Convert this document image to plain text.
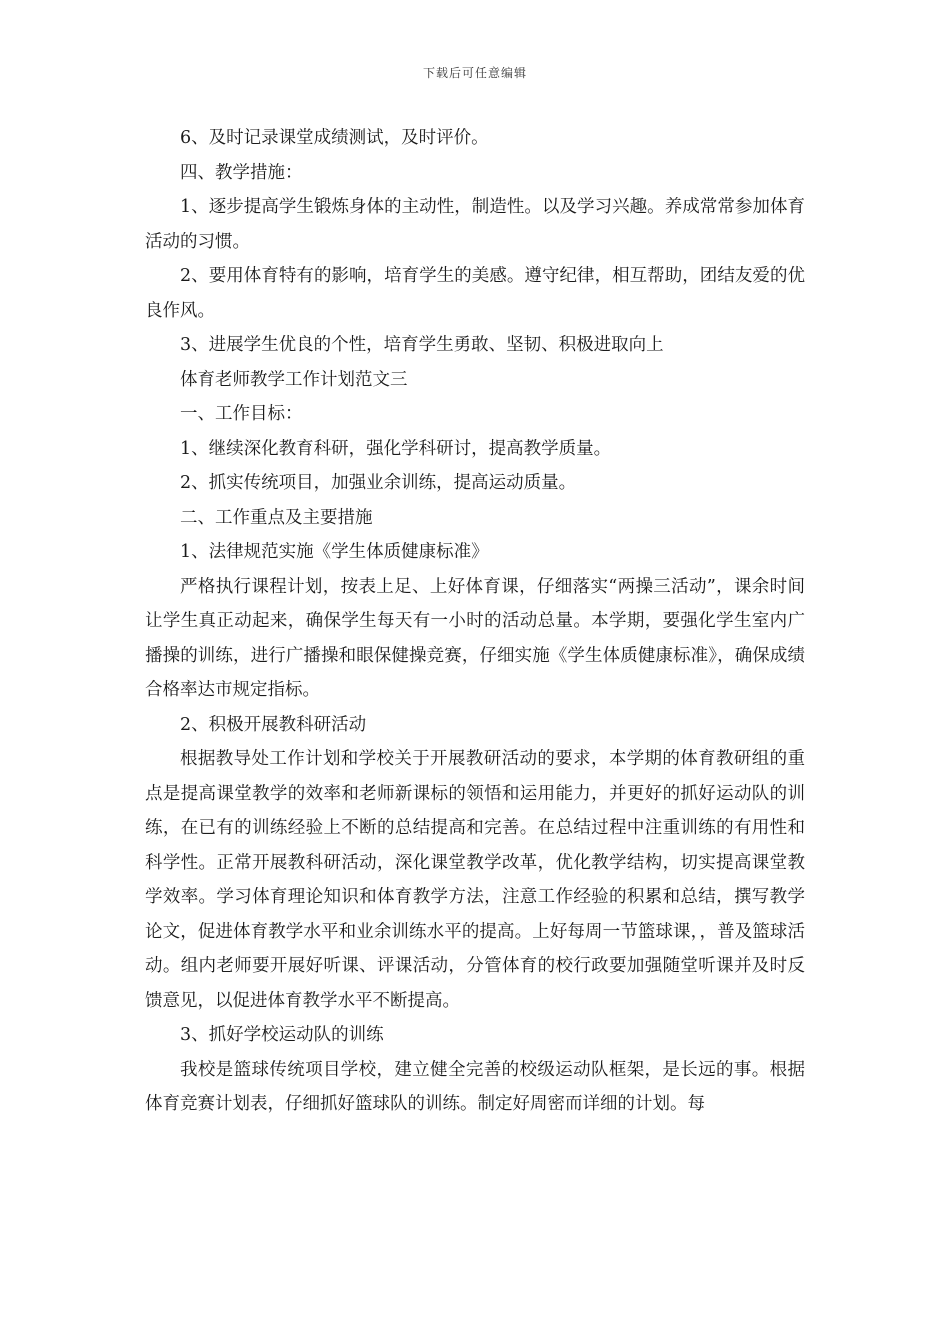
下载后可任意编辑

6、及时记录课堂成绩测试，及时评价。

四、教学措施：

1、逐步提高学生锻炼身体的主动性，制造性。以及学习兴趣。养成常常参加体育活动的习惯。

2、要用体育特有的影响，培育学生的美感。遵守纪律，相互帮助，团结友爱的优良作风。

3、进展学生优良的个性，培育学生勇敢、坚韧、积极进取向上

体育老师教学工作计划范文三

一、工作目标：

1、继续深化教育科研，强化学科研讨，提高教学质量。

2、抓实传统项目，加强业余训练，提高运动质量。

二、工作重点及主要措施

1、法律规范实施《学生体质健康标准》

严格执行课程计划，按表上足、上好体育课，仔细落实“两操三活动”，课余时间让学生真正动起来，确保学生每天有一小时的活动总量。本学期，要强化学生室内广播操的训练，进行广播操和眼保健操竞赛，仔细实施《学生体质健康标准》，确保成绩合格率达市规定指标。

2、积极开展教科研活动

根据教导处工作计划和学校关于开展教研活动的要求，本学期的体育教研组的重点是提高课堂教学的效率和老师新课标的领悟和运用能力，并更好的抓好运动队的训练，在已有的训练经验上不断的总结提高和完善。在总结过程中注重训练的有用性和科学性。正常开展教科研活动，深化课堂教学改革，优化教学结构，切实提高课堂教学效率。学习体育理论知识和体育教学方法，注意工作经验的积累和总结，撰写教学论文，促进体育教学水平和业余训练水平的提高。上好每周一节篮球课，，普及篮球活动。组内老师要开展好听课、评课活动，分管体育的校行政要加强随堂听课并及时反馈意见，以促进体育教学水平不断提高。

3、抓好学校运动队的训练

我校是篮球传统项目学校，建立健全完善的校级运动队框架，是长远的事。根据体育竞赛计划表，仔细抓好篮球队的训练。制定好周密而详细的计划。每
